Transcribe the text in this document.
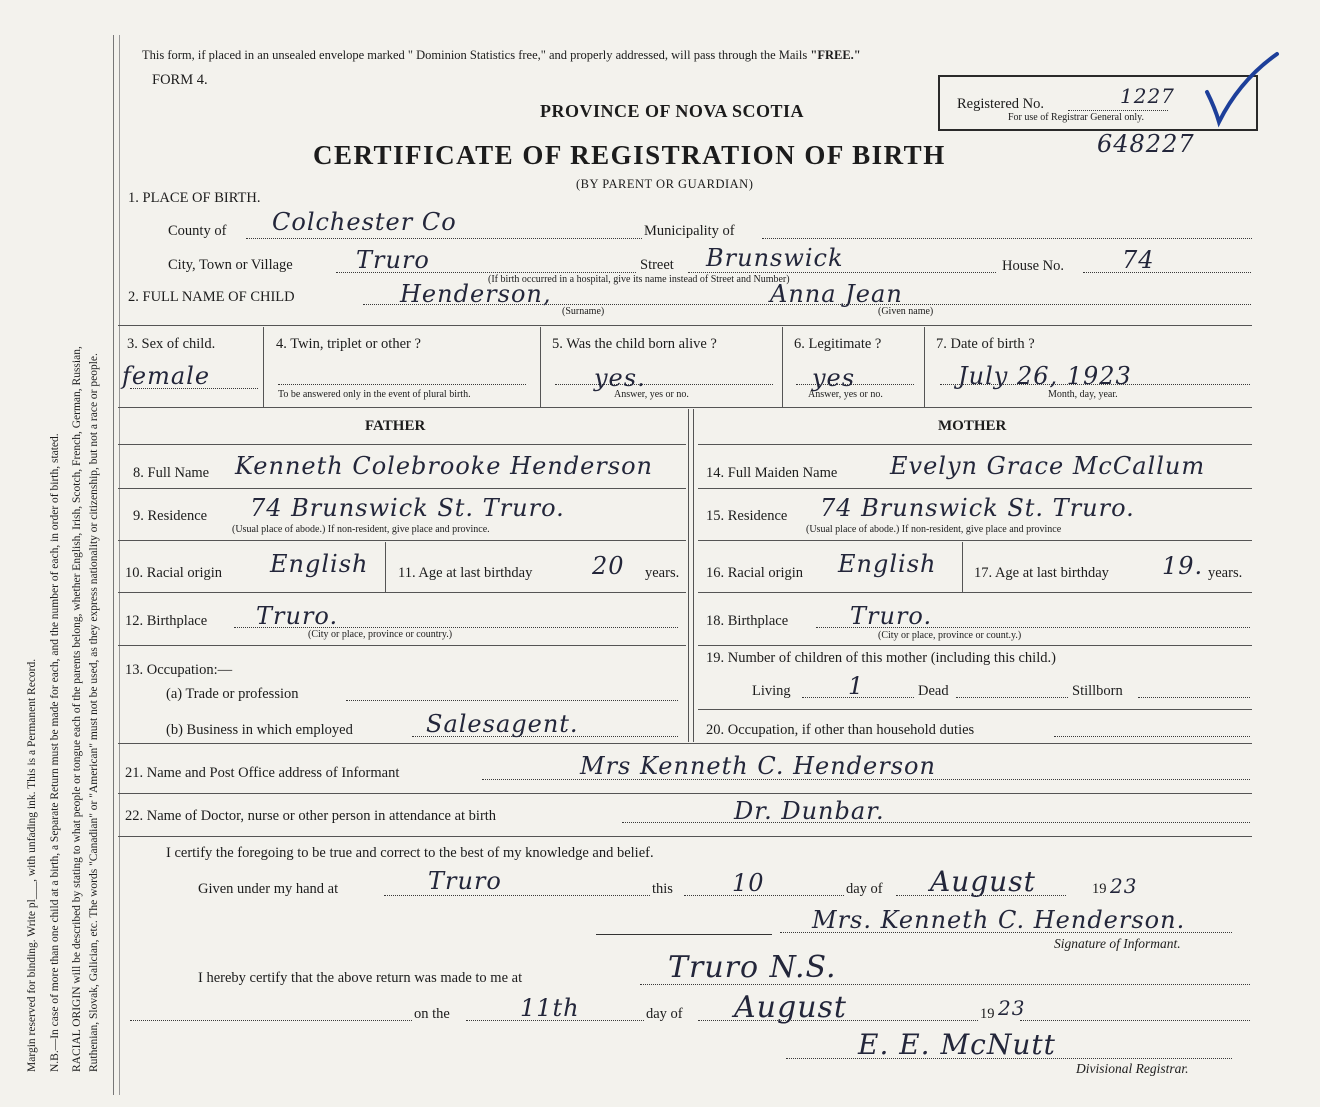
Margin reserved for binding. Write pl___, with unfading ink. This is a Permanent Record. N.B.—In case of more than one child at a birth, a Separate Return must be made for each, and the number of each, in order of birth, stated. RACIAL ORIGIN will be described by stating to what people or tongue each of the parents belong, whether English, Irish, Scotch, French, German, Russian, Ruthenian, Slovak, Galician, etc. The words "Canadian" or "American" must not be used, as they express nationality or citizenship, but not a race or people.
This form, if placed in an unsealed envelope marked " Dominion Statistics free," and properly addressed, will pass through the Mails "FREE."
FORM 4.
PROVINCE OF NOVA SCOTIA
CERTIFICATE OF REGISTRATION OF BIRTH
(BY PARENT OR GUARDIAN)
Registered No.	1227
For use of Registrar General only.
648227
1. PLACE OF BIRTH.
County of Colchester Co	Municipality of
City, Town or Village	Truro	Street Brunswick	House No. 74
(If birth occurred in a hospital, give its name instead of Street and Number)
2. FULL NAME OF CHILD	Henderson,	Anna Jean
(Surname)	(Given name)
3. Sex of child.
female
4. Twin, triplet or other ?
To be answered only in the event of plural birth.
5. Was the child born alive ?
yes.
Answer, yes or no.
6. Legitimate ?
yes
Answer, yes or no.
7. Date of birth ?
July 26, 1923
Month, day, year.
FATHER	MOTHER
8. Full Name Kenneth Colebrooke Henderson	14. Full Maiden Name Evelyn Grace McCallum
9. Residence 74 Brunswick St. Truro.
(Usual place of abode.) If non-resident, give place and province.
15. Residence 74 Brunswick St. Truro.
(Usual place of abode.) If non-resident, give place and province
10. Racial origin English 11. Age at last birthday 20 years. 16. Racial origin English	17. Age at last birthday 19. years.
12. Birthplace Truro.
(City or place, province or country.)
18. Birthplace	Truro.
(City or place, province or count.y.)
13. Occupation:—
(a) Trade or profession
(b) Business in which employed	Salesagent.
19. Number of children of this mother (including this child.)
Living 1	Dead	Stillborn
20. Occupation, if other than household duties
21. Name and Post Office address of Informant	Mrs Kenneth C. Henderson
22. Name of Doctor, nurse or other person in attendance at birth	Dr. Dunbar.
I certify the foregoing to be true and correct to the best of my knowledge and belief.
Given under my hand at	Truro	this 10	day of August	19 23
Mrs. Kenneth C. Henderson.
Signature of Informant.
I hereby certify that the above return was made to me at	Truro N.S.
on the	11th	day of August	19 23
E. E. McNutt
Divisional Registrar.
